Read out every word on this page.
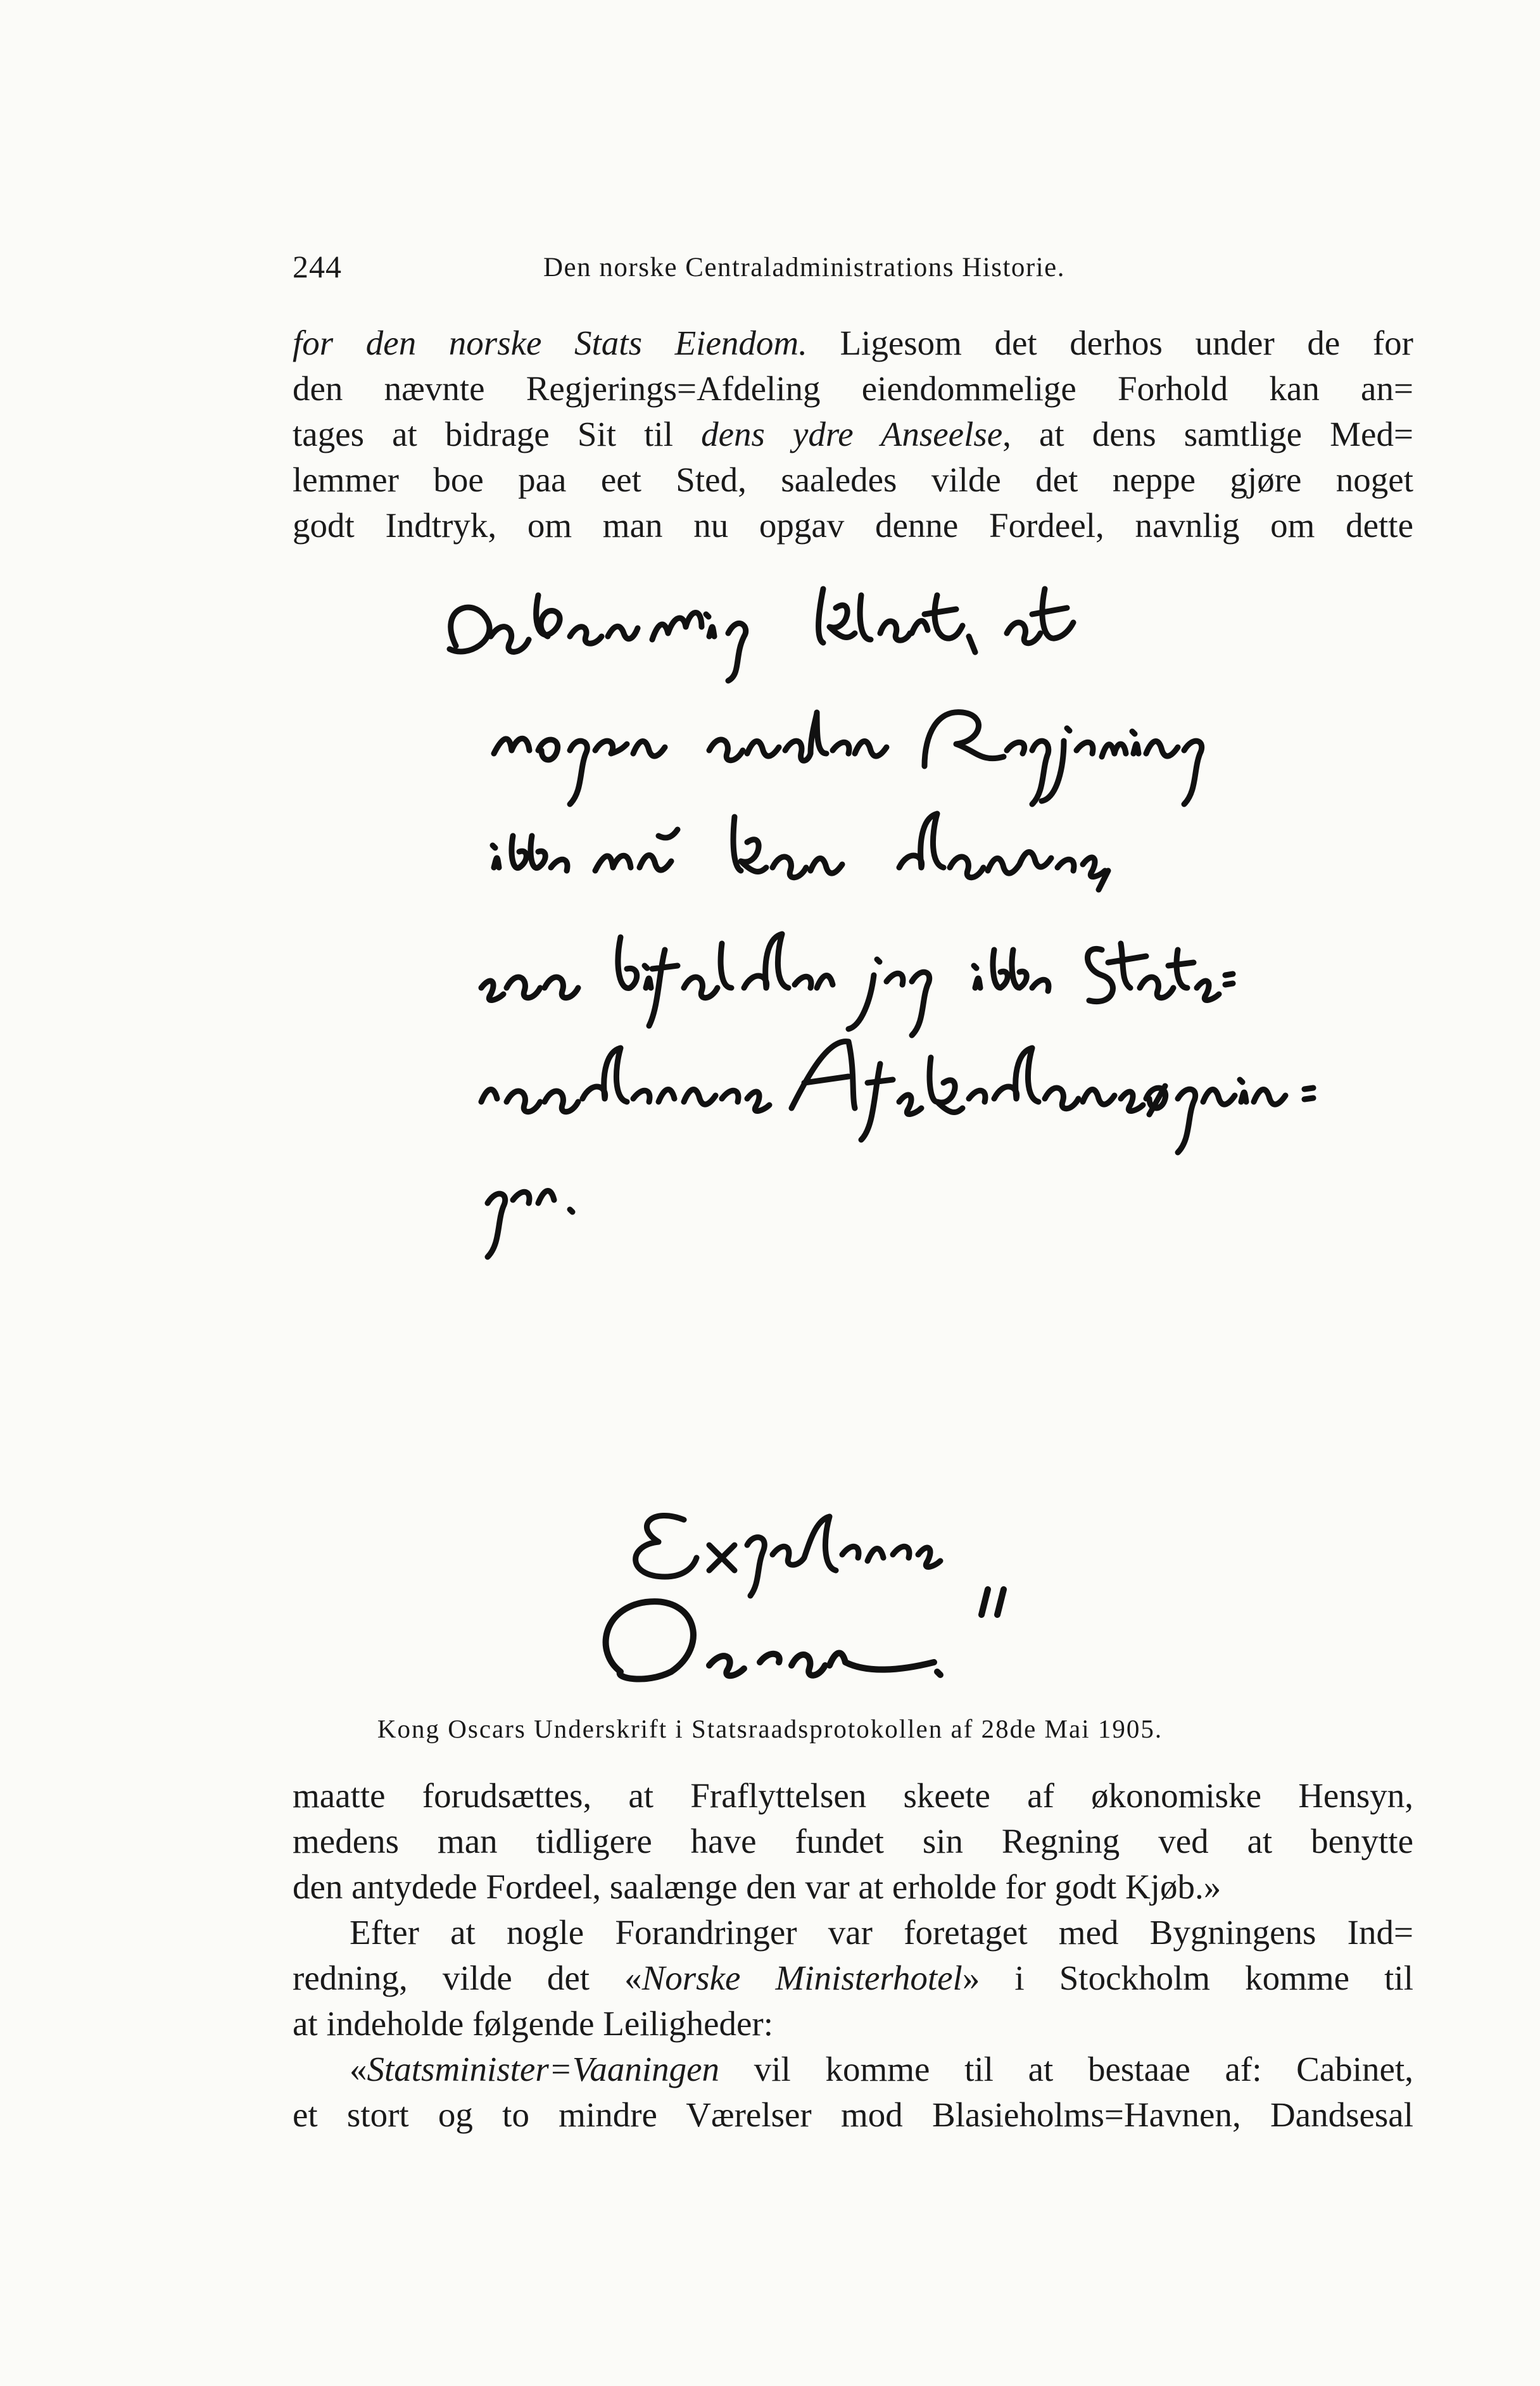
244	Den norske Centraladministrations Historie.
for den norske Stats Eiendom. Ligesom det derhos under de for
den nævnte Regjerings=Afdeling eiendommelige Forhold kan an=
tages at bidrage Sit til dens ydre Anseelse, at dens samtlige Med=
lemmer boe paa eet Sted, saaledes vilde det neppe gjøre noget
godt Indtryk, om man nu opgav denne Fordeel, navnlig om dette
Kong Oscars Underskrift i Statsraadsprotokollen af 28de Mai 1905.
maatte forudsættes, at Fraflyttelsen skeete af økonomiske Hensyn,
medens man tidligere have fundet sin Regning ved at benytte
den antydede Fordeel, saalænge den var at erholde for godt Kjøb.»
Efter at nogle Forandringer var foretaget med Bygningens Ind=
redning, vilde det «Norske Ministerhotel» i Stockholm komme til
at indeholde følgende Leiligheder:
«Statsminister=Vaaningen vil komme til at bestaae af: Cabinet,
et stort og to mindre Værelser mod Blasieholms=Havnen, Dandsesal
